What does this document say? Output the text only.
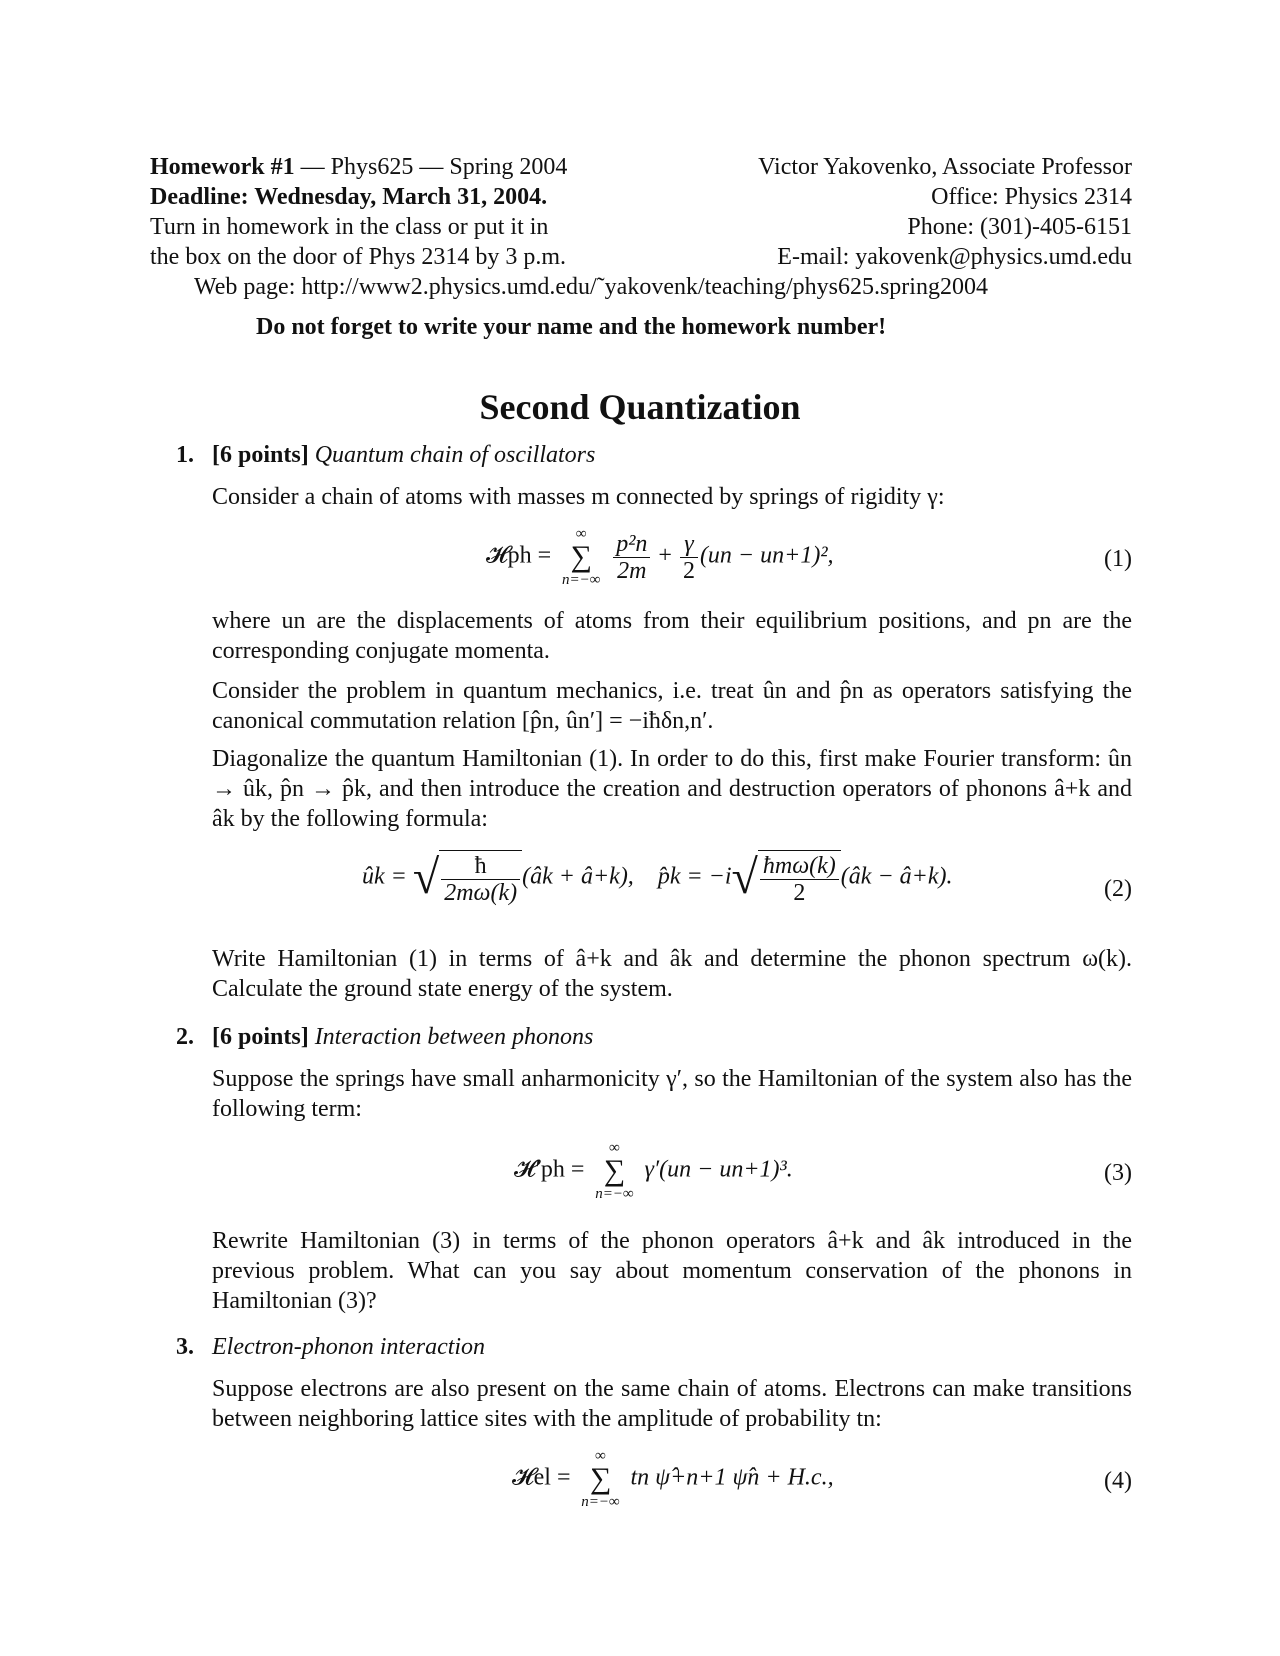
Homework #1 — Phys625 — Spring 2004
Deadline: Wednesday, March 31, 2004.
Turn in homework in the class or put it in
the box on the door of Phys 2314 by 3 p.m.
Victor Yakovenko, Associate Professor
Office: Physics 2314
Phone: (301)-405-6151
E-mail: yakovenk@physics.umd.edu
Web page: http://www2.physics.umd.edu/˜yakovenk/teaching/phys625.spring2004
Do not forget to write your name and the homework number!
Second Quantization
1. [6 points] Quantum chain of oscillators
Consider a chain of atoms with masses m connected by springs of rigidity γ:
𝓗ph =
∞
∑
n=−∞
$\frac{\text{p²n}}{2m} + \frac{\gamma}{2} (un - un+1)^2$,	(1)
where un are the displacements of atoms from their equilibrium positions, and pn are the corresponding conjugate momenta.
Consider the problem in quantum mechanics, i.e. treat ûn and p̂n as operators satisfying the canonical commutation relation [p̂n, ûn′] = −iħδn,n′.
Diagonalize the quantum Hamiltonian (1). In order to do this, first make Fourier transform: ûn → ûk, p̂n → p̂k, and then introduce the creation and destruction operators of phonons â+k and âk by the following formula:
ûk = √ $\frac{ħ}{2m\omega(k)}$ (âk + â+k), p̂k = $-i√ \frac{\text{ħmω(k)}}{2}$ (âk − â+k).	(2)
Write Hamiltonian (1) in terms of â+k and âk and determine the phonon spectrum ω(k). Calculate the ground state energy of the system.
2. [6 points] Interaction between phonons
Suppose the springs have small anharmonicity γ′, so the Hamiltonian of the system also has the following term:
𝓗′ph =
∞
∑
n=−∞
γ′(un − un+1)³.	(3)
Rewrite Hamiltonian (3) in terms of the phonon operators â+k and âk introduced in the previous problem. What can you say about momentum conservation of the phonons in Hamiltonian (3)?
3. Electron-phonon interaction
Suppose electrons are also present on the same chain of atoms. Electrons can make transitions between neighboring lattice sites with the amplitude of probability tn:
𝓗el =
∞
∑
n=−∞
tn ψ̂+n+1 ψ̂n + H.c.,	(4)
